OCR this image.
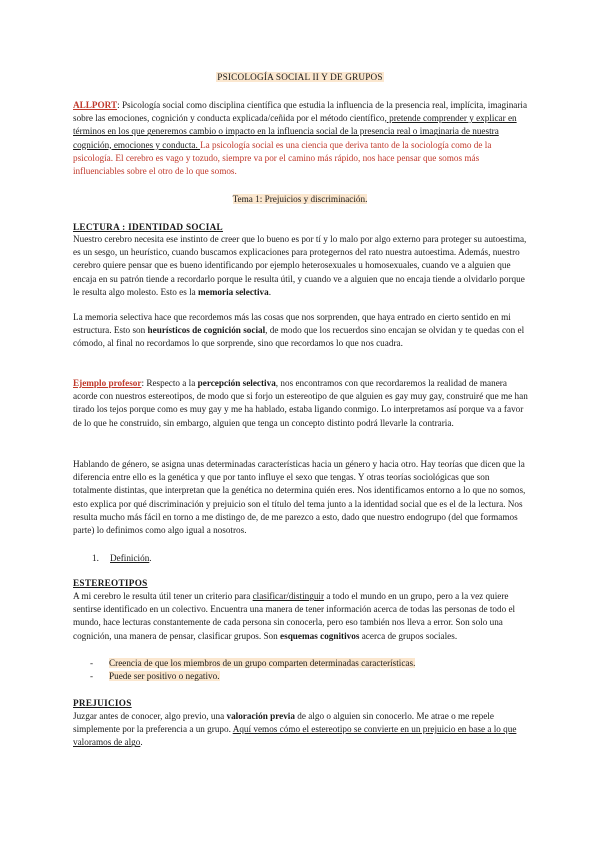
PSICOLOGÍA SOCIAL II Y DE GRUPOS
ALLPORT: Psicología social como disciplina científica que estudia la influencia de la presencia real, implícita, imaginaria sobre las emociones, cognición y conducta explicada/ceñida por el método científico, pretende comprender y explicar en términos en los que generemos cambio o impacto en la influencia social de la presencia real o imaginaria de nuestra cognición, emociones y conducta. La psicología social es una ciencia que deriva tanto de la sociología como de la psicología. El cerebro es vago y tozudo, siempre va por el camino más rápido, nos hace pensar que somos más influenciables sobre el otro de lo que somos.
Tema 1: Prejuicios y discriminación.
LECTURA : IDENTIDAD SOCIAL
Nuestro cerebro necesita ese instinto de creer que lo bueno es por tí y lo malo por algo externo para proteger su autoestima, es un sesgo, un heurístico, cuando buscamos explicaciones para protegernos del rato nuestra autoestima. Además, nuestro cerebro quiere pensar que es bueno identificando por ejemplo heterosexuales u homosexuales, cuando ve a alguien que encaja en su patrón tiende a recordarlo porque le resulta útil, y cuando ve a alguien que no encaja tiende a olvidarlo porque le resulta algo molesto. Esto es la memoria selectiva.
La memoria selectiva hace que recordemos más las cosas que nos sorprenden, que haya entrado en cierto sentido en mi estructura. Esto son heurísticos de cognición social, de modo que los recuerdos sino encajan se olvidan y te quedas con el cómodo, al final no recordamos lo que sorprende, sino que recordamos lo que nos cuadra.
Ejemplo profesor: Respecto a la percepción selectiva, nos encontramos con que recordaremos la realidad de manera acorde con nuestros estereotipos, de modo que si forjo un estereotipo de que alguien es gay muy gay, construiré que me han tirado los tejos porque como es muy gay y me ha hablado, estaba ligando conmigo. Lo interpretamos así porque va a favor de lo que he construido, sin embargo, alguien que tenga un concepto distinto podrá llevarle la contraria.
Hablando de género, se asigna unas determinadas características hacia un género y hacia otro. Hay teorías que dicen que la diferencia entre ello es la genética y que por tanto influye el sexo que tengas. Y otras teorías sociológicas que son totalmente distintas, que interpretan que la genética no determina quién eres. Nos identificamos entorno a lo que no somos, esto explica por qué discriminación y prejuicio son el título del tema junto a la identidad social que es el de la lectura. Nos resulta mucho más fácil en torno a me distingo de, de me parezco a esto, dado que nuestro endogrupo (del que formamos parte) lo definimos como algo igual a nosotros.
1. Definición.
ESTEREOTIPOS
A mi cerebro le resulta útil tener un criterio para clasificar/distinguir a todo el mundo en un grupo, pero a la vez quiere sentirse identificado en un colectivo. Encuentra una manera de tener información acerca de todas las personas de todo el mundo, hace lecturas constantemente de cada persona sin conocerla, pero eso también nos lleva a error. Son solo una cognición, una manera de pensar, clasificar grupos. Son esquemas cognitivos acerca de grupos sociales.
- Creencia de que los miembros de un grupo comparten determinadas características.
- Puede ser positivo o negativo.
PREJUICIOS
Juzgar antes de conocer, algo previo, una valoración previa de algo o alguien sin conocerlo. Me atrae o me repele simplemente por la preferencia a un grupo. Aquí vemos cómo el estereotipo se convierte en un prejuicio en base a lo que valoramos de algo.
